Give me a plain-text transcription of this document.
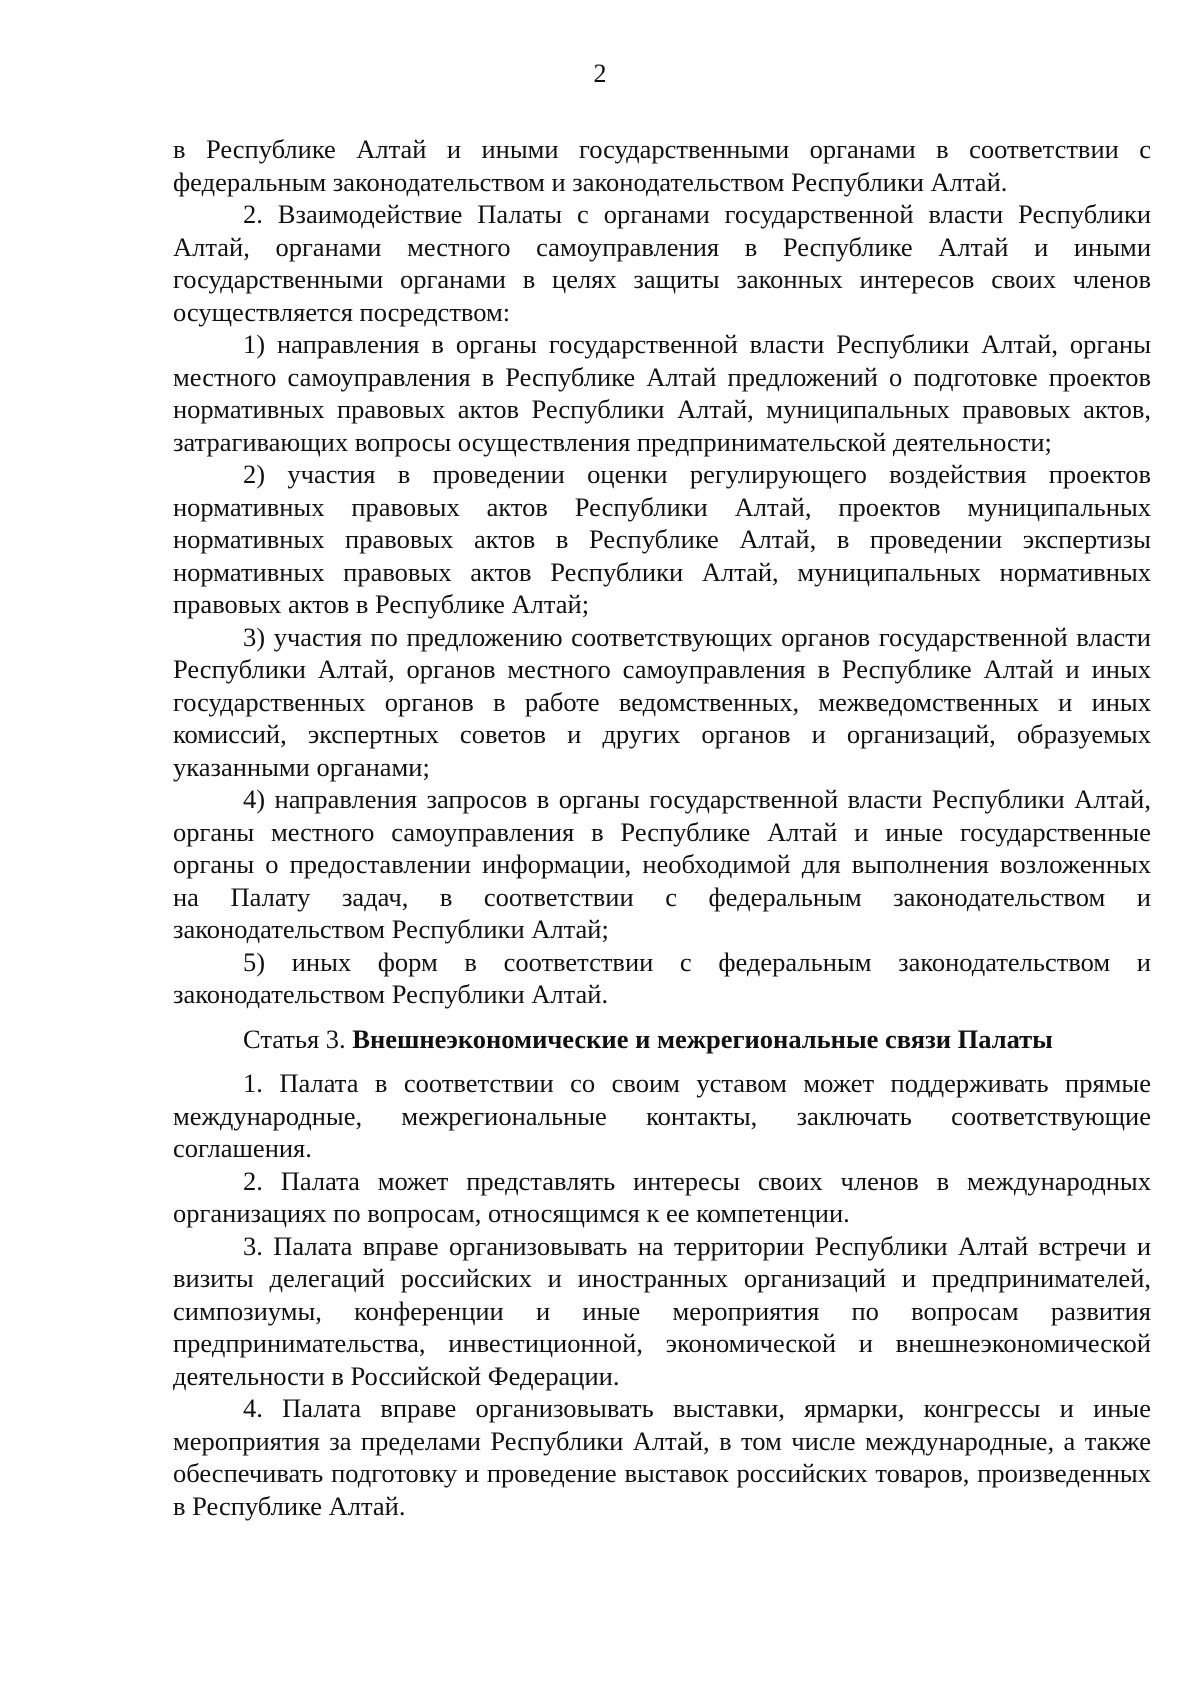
2

в Республике Алтай и иными государственными органами в соответствии с федеральным законодательством и законодательством Республики Алтай.

2. Взаимодействие Палаты с органами государственной власти Республики Алтай, органами местного самоуправления в Республике Алтай и иными государственными органами в целях защиты законных интересов своих членов осуществляется посредством:

1) направления в органы государственной власти Республики Алтай, органы местного самоуправления в Республике Алтай предложений о подготовке проектов нормативных правовых актов Республики Алтай, муниципальных правовых актов, затрагивающих вопросы осуществления предпринимательской деятельности;

2) участия в проведении оценки регулирующего воздействия проектов нормативных правовых актов Республики Алтай, проектов муниципальных нормативных правовых актов в Республике Алтай, в проведении экспертизы нормативных правовых актов Республики Алтай, муниципальных нормативных правовых актов в Республике Алтай;

3) участия по предложению соответствующих органов государственной власти Республики Алтай, органов местного самоуправления в Республике Алтай и иных государственных органов в работе ведомственных, межведомственных и иных комиссий, экспертных советов и других органов и организаций, образуемых указанными органами;

4) направления запросов в органы государственной власти Республики Алтай, органы местного самоуправления в Республике Алтай и иные государственные органы о предоставлении информации, необходимой для выполнения возложенных на Палату задач, в соответствии с федеральным законодательством и законодательством Республики Алтай;

5) иных форм в соответствии с федеральным законодательством и законодательством Республики Алтай.

Статья 3. Внешнеэкономические и межрегиональные связи Палаты

1. Палата в соответствии со своим уставом может поддерживать прямые международные, межрегиональные контакты, заключать соответствующие соглашения.

2. Палата может представлять интересы своих членов в международных организациях по вопросам, относящимся к ее компетенции.

3. Палата вправе организовывать на территории Республики Алтай встречи и визиты делегаций российских и иностранных организаций и предпринимателей, симпозиумы, конференции и иные мероприятия по вопросам развития предпринимательства, инвестиционной, экономической и внешнеэкономической деятельности в Российской Федерации.

4. Палата вправе организовывать выставки, ярмарки, конгрессы и иные мероприятия за пределами Республики Алтай, в том числе международные, а также обеспечивать подготовку и проведение выставок российских товаров, произведенных в Республике Алтай.
